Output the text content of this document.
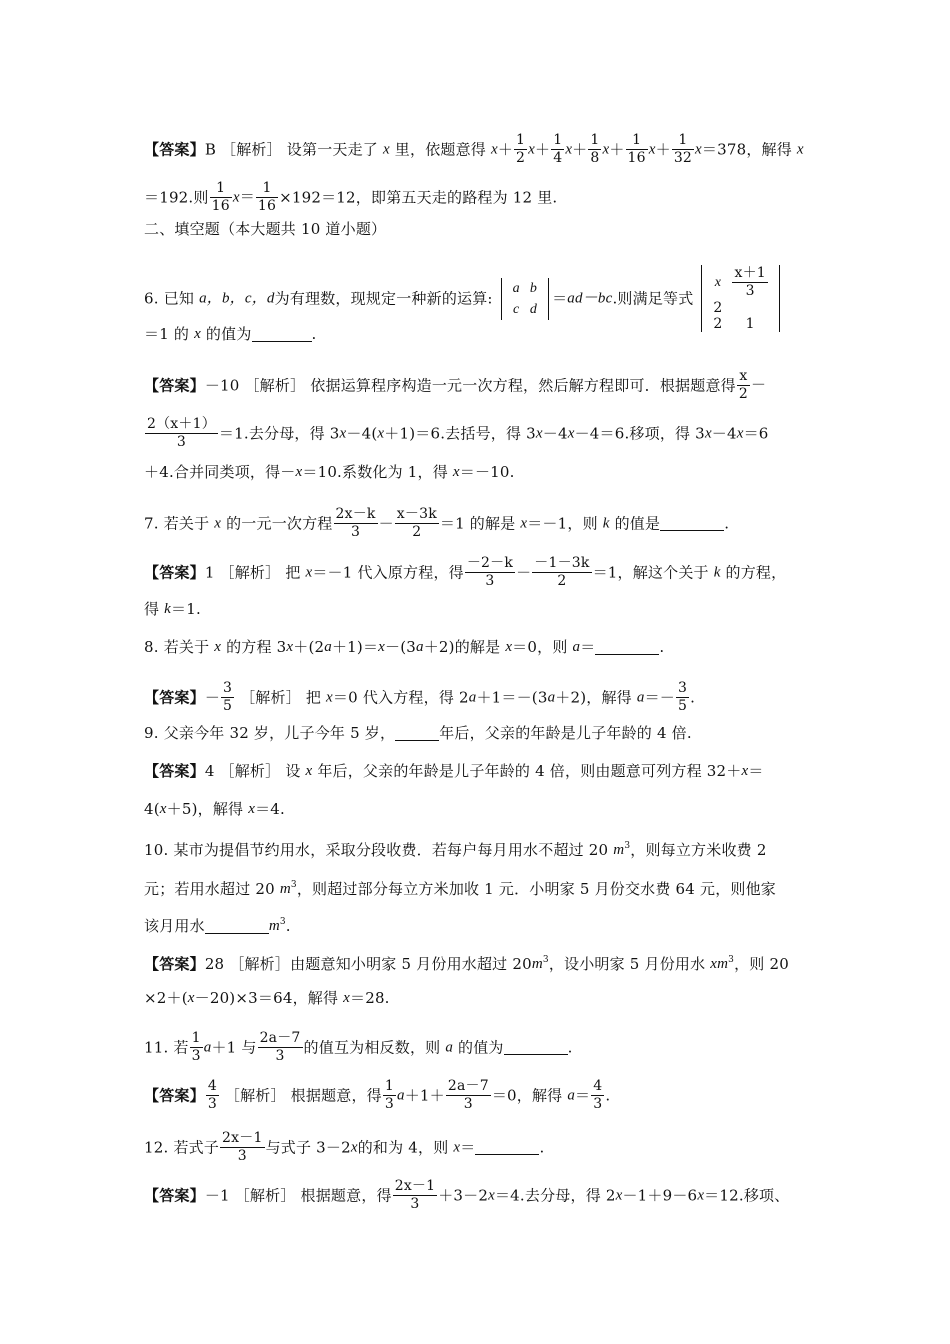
【答案】B ［解析］ 设第一天走了 x 里，依题意得 $x+ \frac{1}{2} x+ \frac{1}{4} x+ \frac{1}{8} x+ \frac{1}{16} x+ \frac{1}{32} x=378$，解得 x
＝192.则 $\frac{1}{16} x= \frac{1}{16} \times 192=12$，即第五天走的路程为 12 里.
二、填空题（本大题共 10 道小题）
6. 已知 a，b，c，d为有理数，现规定一种新的运算:
a	b
c	d
＝ad－bc.则满足等式
x	$\frac{x+1}{3}$

2	
2	1
＝1 的 x 的值为	.
【答案】－10 ［解析］ 依据运算程序构造一元一次方程，然后解方程即可．根据题意得 $\frac{x}{2}$ －
$\frac{2(x+1)}{3} =1$.去分母，得 3x－4(x＋1)＝6.去括号，得 3x－4x－4＝6.移项，得 3x－4x＝6
＋4.合并同类项，得－x＝10.系数化为 1，得 x＝－10.
7. 若关于 x 的一元一次方程 $\frac{2x-k}{3} - \frac{x-3k}{2} =1$ 的解是 x＝－1，则 k 的值是	.
【答案】1 ［解析］ 把 x＝－1 代入原方程，得 $\frac{-2-k}{3} - \frac{-1-3k}{2} =1$，解这个关于 k 的方程，
得 k＝1.
8. 若关于 x 的方程 3x＋(2a＋1)＝x－(3a＋2)的解是 x＝0，则 a＝	.
【答案】－ $\frac{3}{5}$ ［解析］ 把 x＝0 代入方程，得 2a＋1＝－(3a＋2)，解得 $a=- \frac{3}{5}$ .
9. 父亲今年 32 岁，儿子今年 5 岁，	年后，父亲的年龄是儿子年龄的 4 倍.
【答案】4 ［解析］ 设 x 年后，父亲的年龄是儿子年龄的 4 倍，则由题意可列方程 32＋x＝
4(x＋5)，解得 x＝4.
10. 某市为提倡节约用水，采取分段收费．若每户每月用水不超过 20 $m^3$，则每立方米收费 2
元；若用水超过 20 $m^3$，则超过部分每立方米加收 1 元．小明家 5 月份交水费 64 元，则他家
该月用水	$m^3$.
【答案】28 ［解析］由题意知小明家 5 月份用水超过 $20m^3$，设小明家 5 月份用水 $xm^3$，则 20
×2＋(x－20)×3＝64，解得 x＝28.
11. 若 $\frac{1}{3} a+1$ 与 $\frac{2a-7}{3}$ 的值互为相反数，则 a 的值为	.
【答案】 $\frac{4}{3}$ ［解析］ 根据题意，得 $\frac{1}{3} a+1+ \frac{2a-7}{3} =0$，解得 $a= \frac{4}{3}$ .
12. 若式子 $\frac{2x-1}{3}$ 与式子 3－2x的和为 4，则 x＝	.
【答案】－1 ［解析］ 根据题意，得 $\frac{2x-1}{3} +3-2x=4$.去分母，得 2x－1＋9－6x＝12.移项、
